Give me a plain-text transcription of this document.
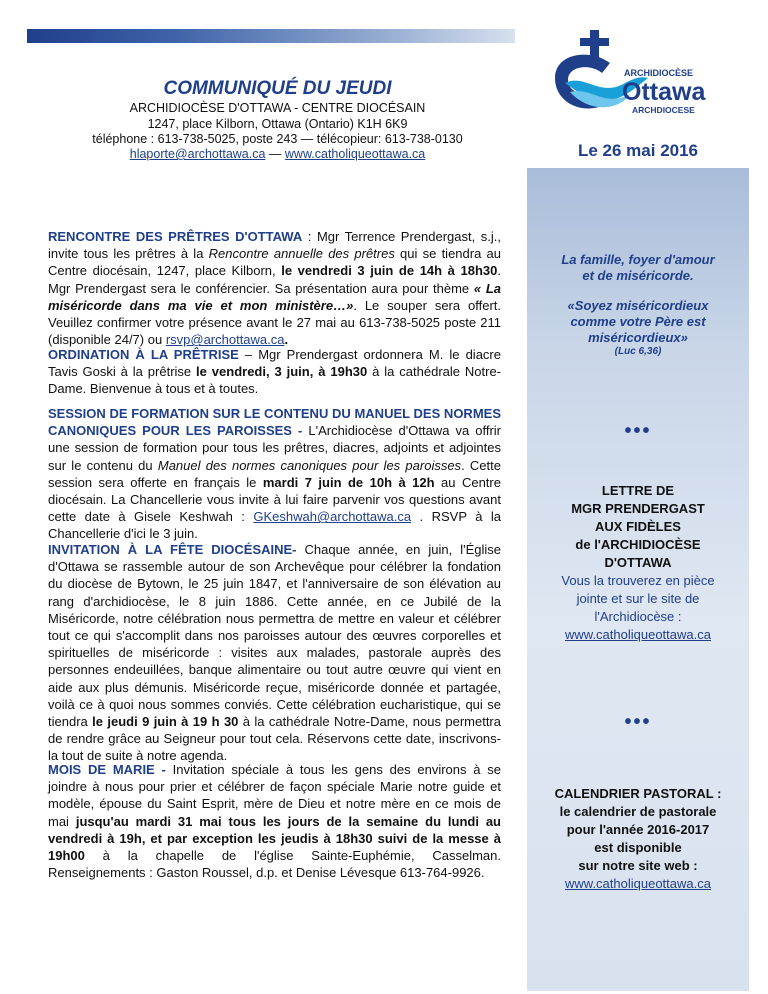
COMMUNIQUÉ DU JEUDI
ARCHIDIOCÈSE D'OTTAWA - CENTRE DIOCÉSAIN
1247, place Kilborn, Ottawa (Ontario) K1H 6K9
téléphone : 613-738-5025, poste 243 — télécopieur: 613-738-0130
hlaporte@archottawa.ca — www.catholiqueottawa.ca
ARCHIDIOCÈSE
Ottawa
ARCHDIOCESE
Le 26 mai 2016
La famille, foyer d'amour
et de miséricorde.
«Soyez miséricordieux
comme votre Père est
miséricordieux»
(Luc 6,36)
•••
LETTRE DE
MGR PRENDERGAST
AUX FIDÈLES
de l'ARCHIDIOCÈSE
D'OTTAWA
Vous la trouverez en pièce
jointe et sur le site de
l'Archidiocèse :
www.catholiqueottawa.ca
•••
CALENDRIER PASTORAL :
le calendrier de pastorale
pour l'année 2016-2017
est disponible
sur notre site web :
www.catholiqueottawa.ca
RENCONTRE DES PRÊTRES D'OTTAWA : Mgr Terrence Prendergast, s.j., invite tous les prêtres à la Rencontre annuelle des prêtres qui se tiendra au Centre diocésain, 1247, place Kilborn, le vendredi 3 juin de 14h à 18h30. Mgr Prendergast sera le conférencier. Sa présentation aura pour thème « La miséricorde dans ma vie et mon ministère…». Le souper sera offert. Veuillez confirmer votre présence avant le 27 mai au 613-738-5025 poste 211 (disponible 24/7) ou rsvp@archottawa.ca.
ORDINATION À LA PRÊTRISE – Mgr Prendergast ordonnera M. le diacre Tavis Goski à la prêtrise le vendredi, 3 juin, à 19h30 à la cathédrale Notre-Dame. Bienvenue à tous et à toutes.
SESSION DE FORMATION SUR LE CONTENU DU MANUEL DES NORMES CANONIQUES POUR LES PAROISSES - L'Archidiocèse d'Ottawa va offrir une session de formation pour tous les prêtres, diacres, adjoints et adjointes sur le contenu du Manuel des normes canoniques pour les paroisses. Cette session sera offerte en français le mardi 7 juin de 10h à 12h au Centre diocésain. La Chancellerie vous invite à lui faire parvenir vos questions avant cette date à Gisele Keshwah : GKeshwah@archottawa.ca . RSVP à la Chancellerie d'ici le 3 juin.
INVITATION À LA FÊTE DIOCÉSAINE- Chaque année, en juin, l'Église d'Ottawa se rassemble autour de son Archevêque pour célébrer la fondation du diocèse de Bytown, le 25 juin 1847, et l'anniversaire de son élévation au rang d'archidiocèse, le 8 juin 1886. Cette année, en ce Jubilé de la Miséricorde, notre célébration nous permettra de mettre en valeur et célébrer tout ce qui s'accomplit dans nos paroisses autour des œuvres corporelles et spirituelles de miséricorde : visites aux malades, pastorale auprès des personnes endeuillées, banque alimentaire ou tout autre œuvre qui vient en aide aux plus démunis. Miséricorde reçue, miséricorde donnée et partagée, voilà ce à quoi nous sommes conviés. Cette célébration eucharistique, qui se tiendra le jeudi 9 juin à 19 h 30 à la cathédrale Notre-Dame, nous permettra de rendre grâce au Seigneur pour tout cela. Réservons cette date, inscrivons-la tout de suite à notre agenda.
MOIS DE MARIE - Invitation spéciale à tous les gens des environs à se joindre à nous pour prier et célébrer de façon spéciale Marie notre guide et modèle, épouse du Saint Esprit, mère de Dieu et notre mère en ce mois de mai jusqu'au mardi 31 mai tous les jours de la semaine du lundi au vendredi à 19h, et par exception les jeudis à 18h30 suivi de la messe à 19h00 à la chapelle de l'église Sainte-Euphémie, Casselman. Renseignements : Gaston Roussel, d.p. et Denise Lévesque 613-764-9926.
